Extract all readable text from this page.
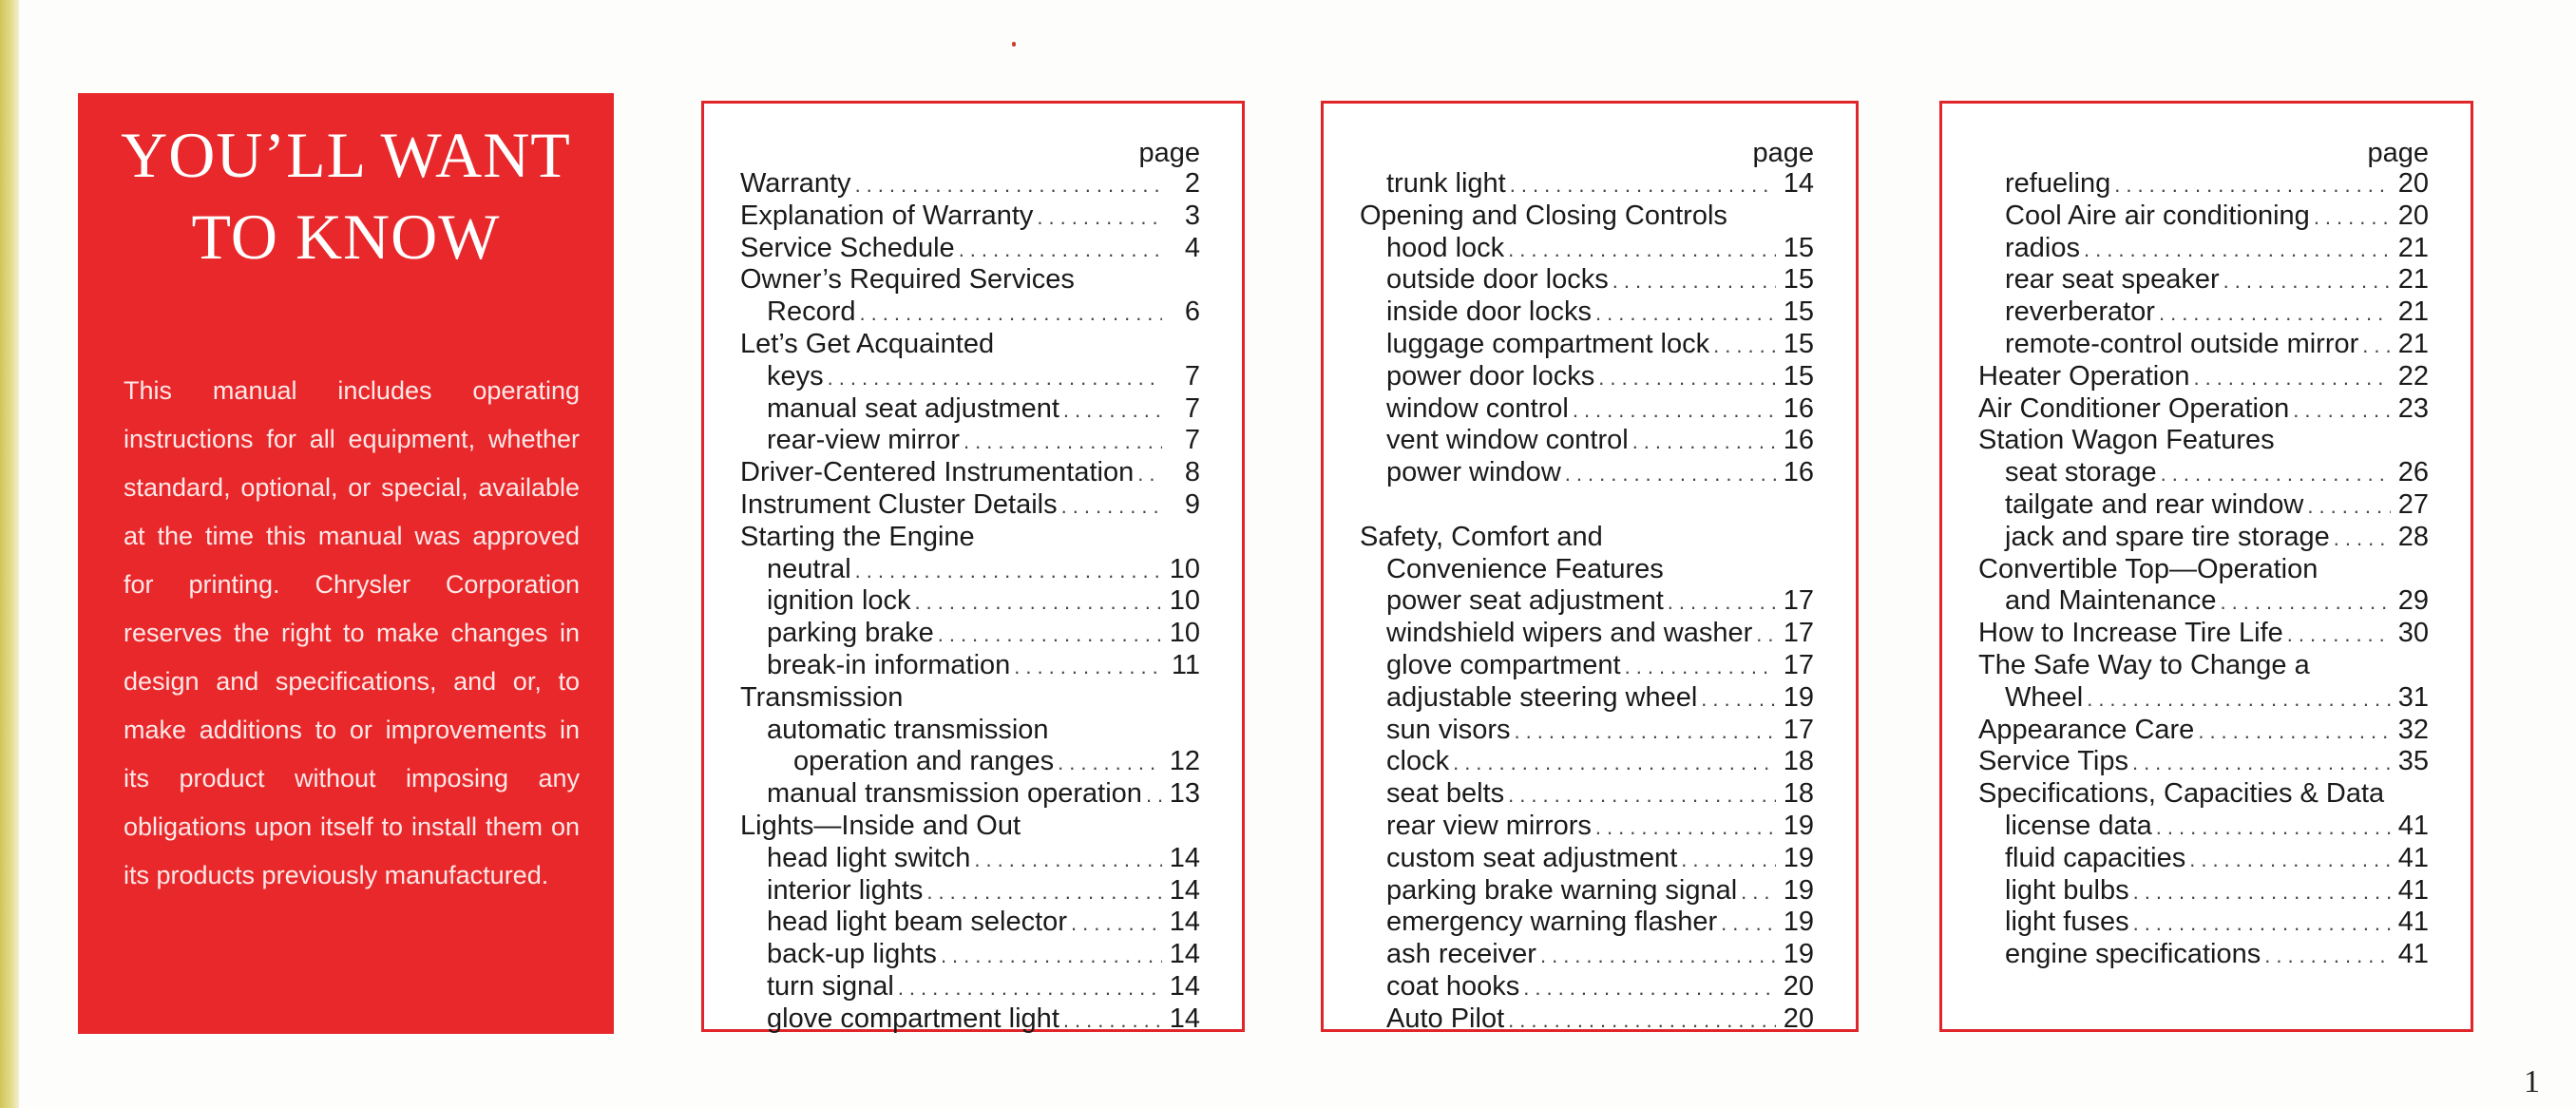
YOU’LL WANT
TO KNOW

This manual includes operating instructions for all equipment, whether standard, optional, or special, available at the time this manual was approved for printing. Chrysler Corporation reserves the right to make changes in design and specifications, and or, to make additions to or improvements in its product without imposing any obligations upon itself to install them on its products previously manufactured.

page
Warranty .....	2
Explanation of Warranty .....	3
Service Schedule .....	4
Owner’s Required Services
Record .....	6
Let’s Get Acquainted
keys .....	7
manual seat adjustment .....	7
rear-view mirror .....	7
Driver-Centered Instrumentation .....	8
Instrument Cluster Details .....	9
Starting the Engine
neutral .....	10
ignition lock .....	10
parking brake .....	10
break-in information .....	11
Transmission
automatic transmission
operation and ranges .....	12
manual transmission operation ..... 13
Lights—Inside and Out
head light switch .....	14
interior lights .....	14
head light beam selector .....	14
back-up lights .....	14
turn signal .....	14
glove compartment light .....	14
page
trunk light .....	14
Opening and Closing Controls
hood lock .....	15
outside door locks .....	15
inside door locks .....	15
luggage compartment lock .....	15
power door locks .....	15
window control .....	16
vent window control .....	16
power window .....	16
Safety, Comfort and
Convenience Features
power seat adjustment .....	17
windshield wipers and washer ..... 17
glove compartment .....	17
adjustable steering wheel .....	19
sun visors .....	17
clock .....	18
seat belts .....	18
rear view mirrors .....	19
custom seat adjustment .....	19
parking brake warning signal ..... 19
emergency warning flasher ..... 19
ash receiver .....	19
coat hooks .....	20
Auto Pilot .....	20
page
refueling .....	20
Cool Aire air conditioning .....	20
radios .....	21
rear seat speaker .....	21
reverberator .....	21
remote-control outside mirror ..... 21
Heater Operation .....	22
Air Conditioner Operation .....	23
Station Wagon Features
seat storage .....	26
tailgate and rear window .....	27
jack and spare tire storage ..... 28
Convertible Top—Operation
and Maintenance .....	29
How to Increase Tire Life .....	30
The Safe Way to Change a
Wheel .....	31
Appearance Care .....	32
Service Tips .....	35
Specifications, Capacities & Data
license data .....	41
fluid capacities .....	41
light bulbs .....	41
light fuses .....	41
engine specifications .....	41
1
